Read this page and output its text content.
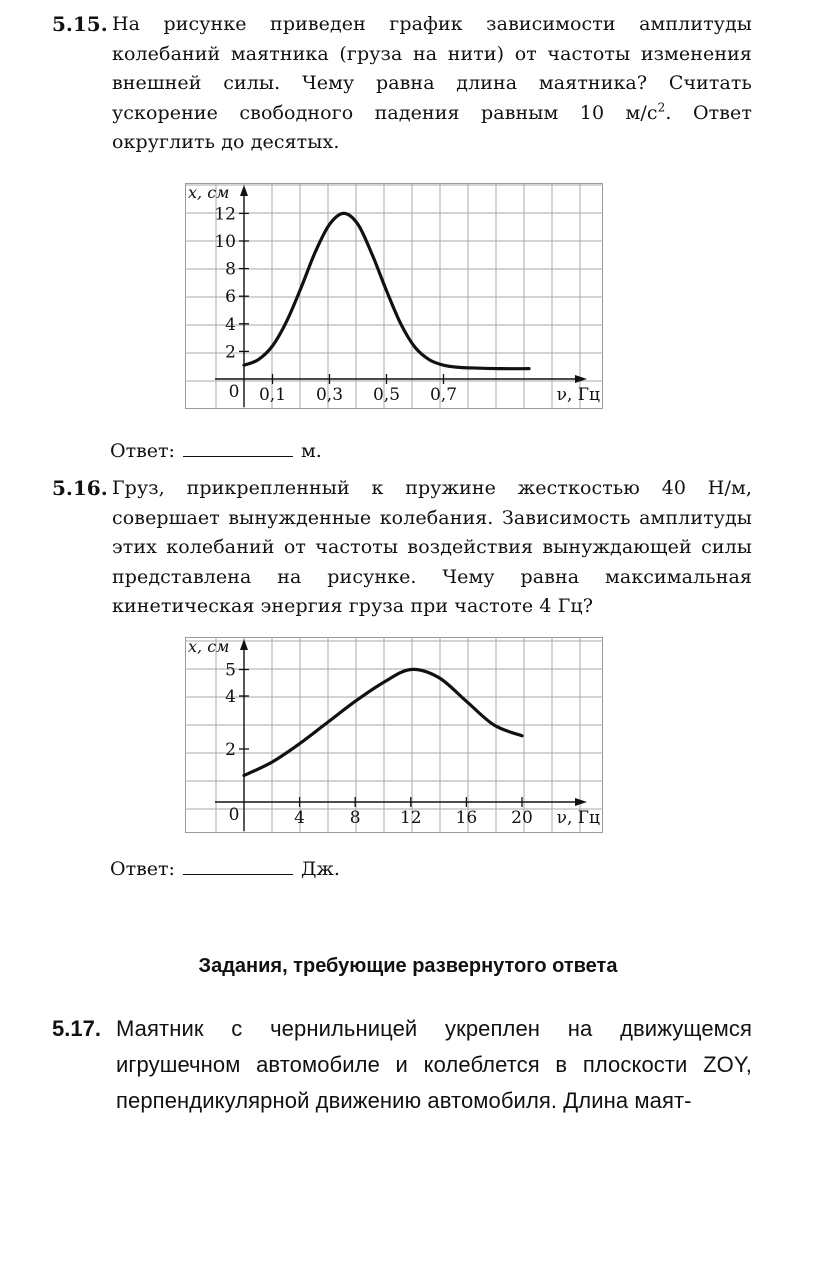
5.15. На рисунке приведен график зависимости амплитуды колебаний маятника (груза на нити) от частоты изменения внешней силы. Чему равна длина маятника? Считать ускорение свободного падения равным 10 $м/с^2$. Ответ округлить до десятых.
2
4
6
8
10
12
0,1 0,3 0,5 0,7
0
x, см
ν, Гц
Ответ:	м.
5.16. Груз, прикрепленный к пружине жесткостью 40 Н/м, совершает вынужденные колебания. Зависимость амплитуды этих колебаний от частоты воздействия вынуждающей силы представлена на рисунке. Чему равна максимальная кинетическая энергия груза при частоте 4 Гц?
2
4
5
4	8 12 16 20
0
x, см
ν, Гц
Ответ:	Дж.
Задания, требующие развернутого ответа
5.17. Маятник с чернильницей укреплен на движущемся игрушечном автомобиле и колеблется в плоскости ZOY, перпендикулярной движению автомобиля. Длина маят-
